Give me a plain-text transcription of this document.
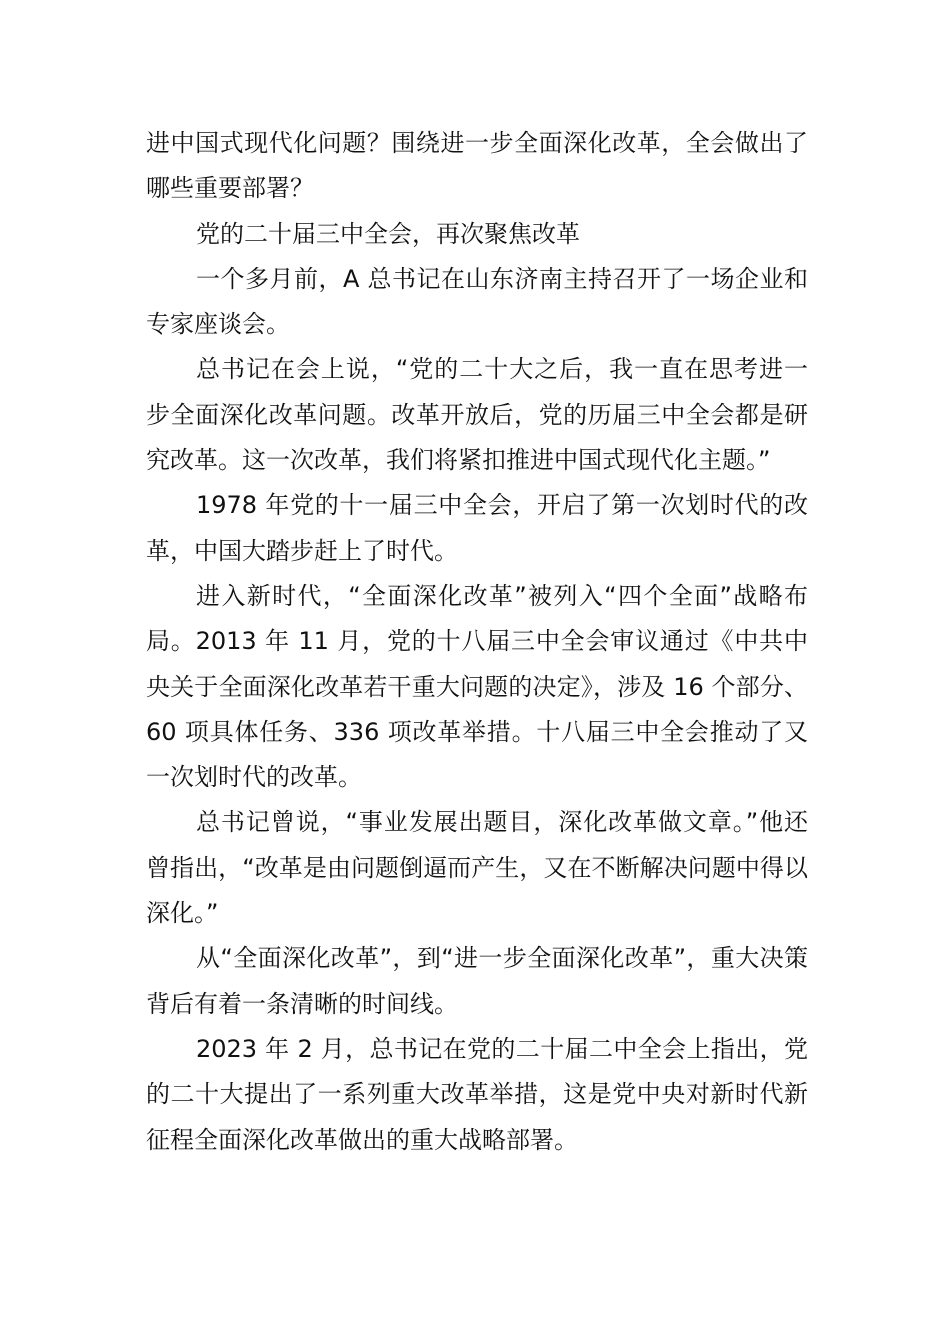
进中国式现代化问题？围绕进一步全面深化改革，全会做出了哪些重要部署？

党的二十届三中全会，再次聚焦改革

一个多月前，A 总书记在山东济南主持召开了一场企业和专家座谈会。

总书记在会上说，“党的二十大之后，我一直在思考进一步全面深化改革问题。改革开放后，党的历届三中全会都是研究改革。这一次改革，我们将紧扣推进中国式现代化主题。”

1978 年党的十一届三中全会，开启了第一次划时代的改革，中国大踏步赶上了时代。

进入新时代，“全面深化改革”被列入“四个全面”战略布局。2013 年 11 月，党的十八届三中全会审议通过《中共中央关于全面深化改革若干重大问题的决定》，涉及 16 个部分、60 项具体任务、336 项改革举措。十八届三中全会推动了又一次划时代的改革。

总书记曾说，“事业发展出题目，深化改革做文章。”他还曾指出，“改革是由问题倒逼而产生，又在不断解决问题中得以深化。”

从“全面深化改革”，到“进一步全面深化改革”，重大决策背后有着一条清晰的时间线。

2023 年 2 月，总书记在党的二十届二中全会上指出，党的二十大提出了一系列重大改革举措，这是党中央对新时代新征程全面深化改革做出的重大战略部署。
